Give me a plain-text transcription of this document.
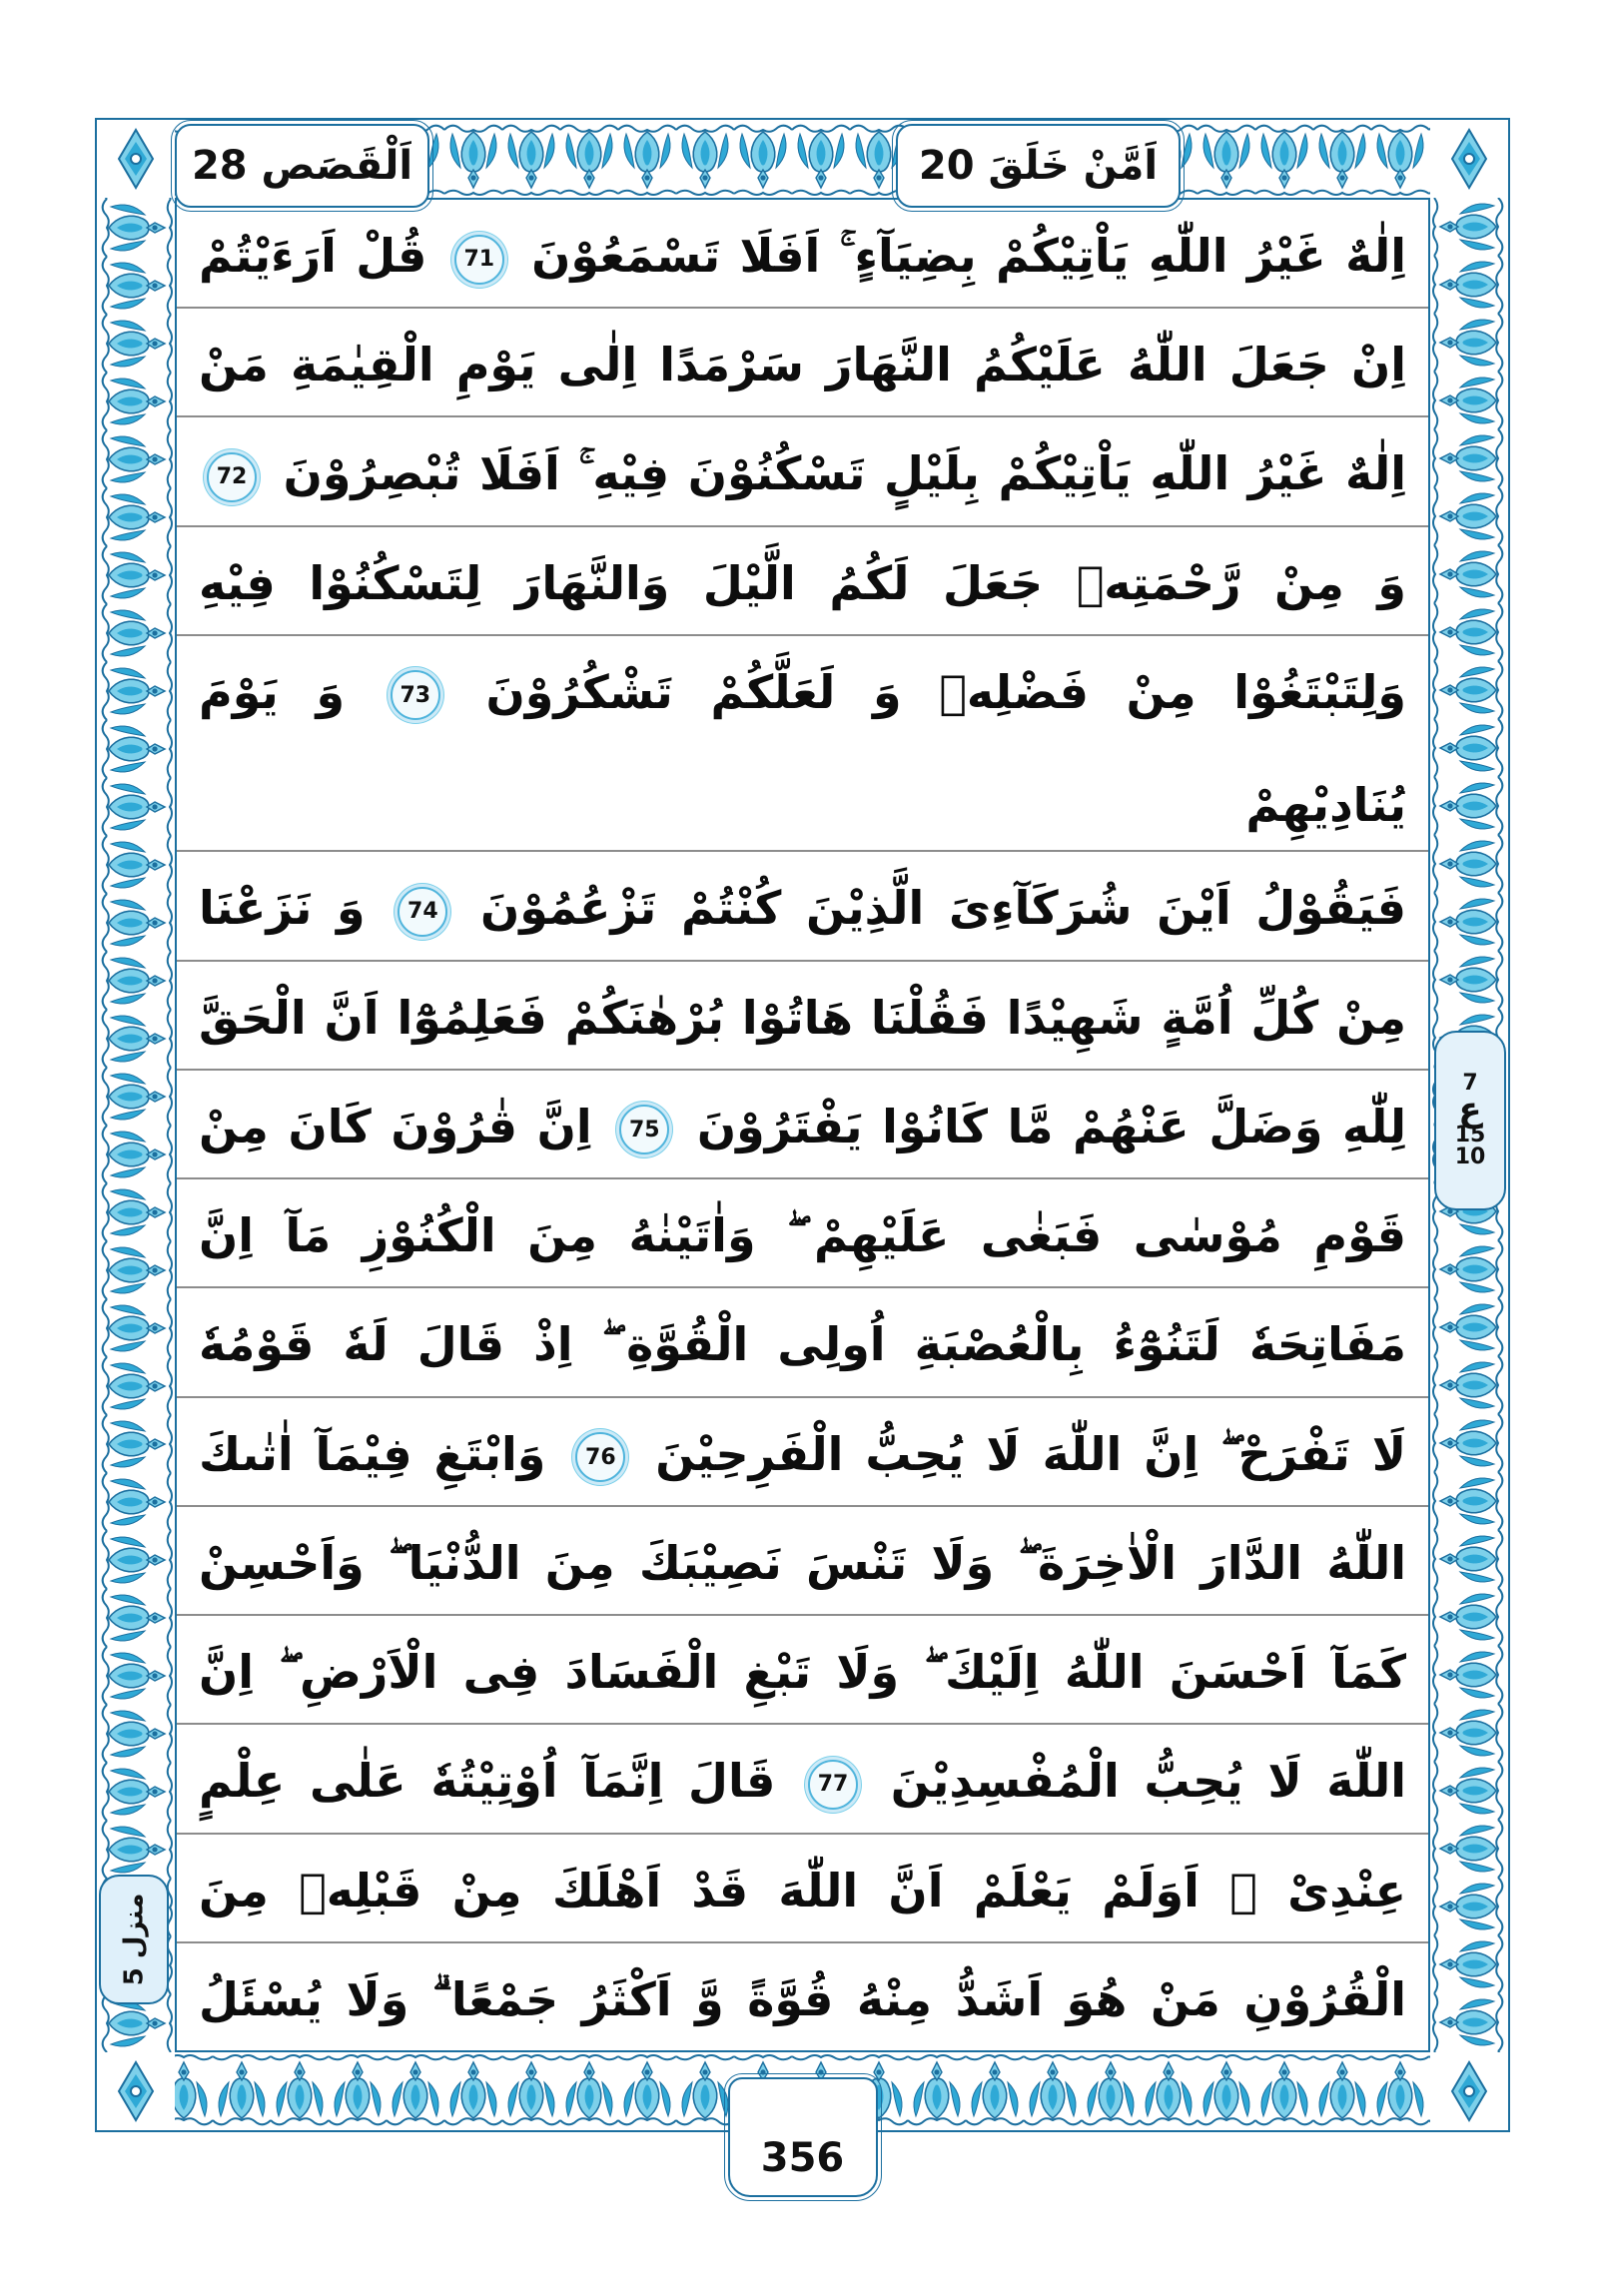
اَلْقَصَص 28	اَمَّنْ خَلَقَ 20
اِلٰهٌ غَيْرُ اللّٰهِ يَاْتِيْكُمْ بِضِيَآءٍ ۚ اَفَلَا تَسْمَعُوْنَ 71 قُلْ اَرَءَيْتُمْ
اِنْ جَعَلَ اللّٰهُ عَلَيْكُمُ النَّهَارَ سَرْمَدًا اِلٰى يَوْمِ الْقِيٰمَةِ مَنْ
اِلٰهٌ غَيْرُ اللّٰهِ يَاْتِيْكُمْ بِلَيْلٍ تَسْكُنُوْنَ فِيْهِ ۚ اَفَلَا تُبْصِرُوْنَ 72
وَ مِنْ رَّحْمَتِهٖ جَعَلَ لَكُمُ الَّيْلَ وَالنَّهَارَ لِتَسْكُنُوْا فِيْهِ
وَلِتَبْتَغُوْا مِنْ فَضْلِهٖ وَ لَعَلَّكُمْ تَشْكُرُوْنَ 73 وَ يَوْمَ يُنَادِيْهِمْ
فَيَقُوْلُ اَيْنَ شُرَكَآءِىَ الَّذِيْنَ كُنْتُمْ تَزْعُمُوْنَ 74 وَ نَزَعْنَا
مِنْ كُلِّ اُمَّةٍ شَهِيْدًا فَقُلْنَا هَاتُوْا بُرْهٰنَكُمْ فَعَلِمُوْٓا اَنَّ الْحَقَّ
لِلّٰهِ وَضَلَّ عَنْهُمْ مَّا كَانُوْا يَفْتَرُوْنَ 75 اِنَّ قٰرُوْنَ كَانَ مِنْ
قَوْمِ مُوْسٰى فَبَغٰى عَلَيْهِمْ ۖ وَاٰتَيْنٰهُ مِنَ الْكُنُوْزِ مَآ اِنَّ
مَفَاتِحَهٗ لَتَنُوْٓءُ بِالْعُصْبَةِ اُولِى الْقُوَّةِ ۖ اِذْ قَالَ لَهٗ قَوْمُهٗ
لَا تَفْرَحْ ۖ اِنَّ اللّٰهَ لَا يُحِبُّ الْفَرِحِيْنَ 76 وَابْتَغِ فِيْمَآ اٰتٰىكَ
اللّٰهُ الدَّارَ الْاٰخِرَةَ ۖ وَلَا تَنْسَ نَصِيْبَكَ مِنَ الدُّنْيَا ۖ وَاَحْسِنْ
كَمَآ اَحْسَنَ اللّٰهُ اِلَيْكَ ۖ وَلَا تَبْغِ الْفَسَادَ فِى الْاَرْضِ ۖ اِنَّ
اللّٰهَ لَا يُحِبُّ الْمُفْسِدِيْنَ 77 قَالَ اِنَّمَآ اُوْتِيْتُهٗ عَلٰى عِلْمٍ
عِنْدِىْ ۚ اَوَلَمْ يَعْلَمْ اَنَّ اللّٰهَ قَدْ اَهْلَكَ مِنْ قَبْلِهٖ مِنَ
الْقُرُوْنِ مَنْ هُوَ اَشَدُّ مِنْهُ قُوَّةً وَّ اَكْثَرُ جَمْعًا ۗ وَلَا يُسْئَلُ
7
ع
15
10
منزل 5
356
